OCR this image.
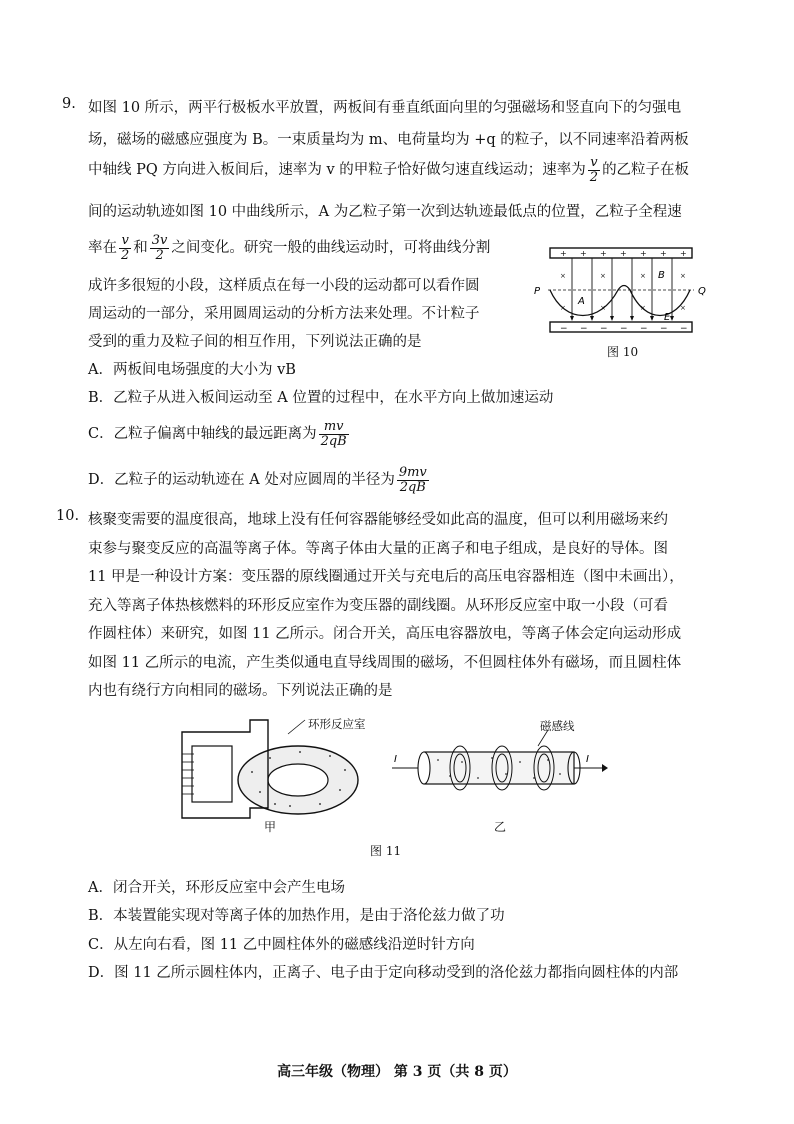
9. 如图 10 所示，两平行极板水平放置，两板间有垂直纸面向里的匀强磁场和竖直向下的匀强电
场，磁场的磁感应强度为 B。一束质量均为 m、电荷量均为 +q 的粒子，以不同速率沿着两板
中轴线 PQ 方向进入板间后，速率为 v 的甲粒子恰好做匀速直线运动；速率为 $\frac{v}{2}$ 的乙粒子在板
间的运动轨迹如图 10 中曲线所示，A 为乙粒子第一次到达轨迹最低点的位置，乙粒子全程速
率在 $\frac{v}{2}$ 和 $\frac{3v}{2}$ 之间变化。研究一般的曲线运动时，可将曲线分割
成许多很短的小段，这样质点在每一小段的运动都可以看作圆
周运动的一部分，采用圆周运动的分析方法来处理。不计粒子
受到的重力及粒子间的相互作用，下列说法正确的是
+ + + + + + +
− − − − − − −
×	×	×	×
×	×	×	×
P	Q
A
B
E
图 10
A．两板间电场强度的大小为 vB
B．乙粒子从进入板间运动至 A 位置的过程中，在水平方向上做加速运动
C．乙粒子偏离中轴线的最远距离为 $\frac{mv}{2qB}$
D．乙粒子的运动轨迹在 A 处对应圆周的半径为 $\frac{9mv}{2qB}$
10. 核聚变需要的温度很高，地球上没有任何容器能够经受如此高的温度，但可以利用磁场来约
束参与聚变反应的高温等离子体。等离子体由大量的正离子和电子组成，是良好的导体。图
11 甲是一种设计方案：变压器的原线圈通过开关与充电后的高压电容器相连（图中未画出），
充入等离子体热核燃料的环形反应室作为变压器的副线圈。从环形反应室中取一小段（可看
作圆柱体）来研究，如图 11 乙所示。闭合开关，高压电容器放电，等离子体会定向运动形成
如图 11 乙所示的电流，产生类似通电直导线周围的磁场，不但圆柱体外有磁场，而且圆柱体
内也有绕行方向相同的磁场。下列说法正确的是
环形反应室
甲
I	I
磁感线
乙
图 11
A．闭合开关，环形反应室中会产生电场
B．本装置能实现对等离子体的加热作用，是由于洛伦兹力做了功
C．从左向右看，图 11 乙中圆柱体外的磁感线沿逆时针方向
D．图 11 乙所示圆柱体内，正离子、电子由于定向移动受到的洛伦兹力都指向圆柱体的内部
高三年级（物理） 第 3 页（共 8 页）
